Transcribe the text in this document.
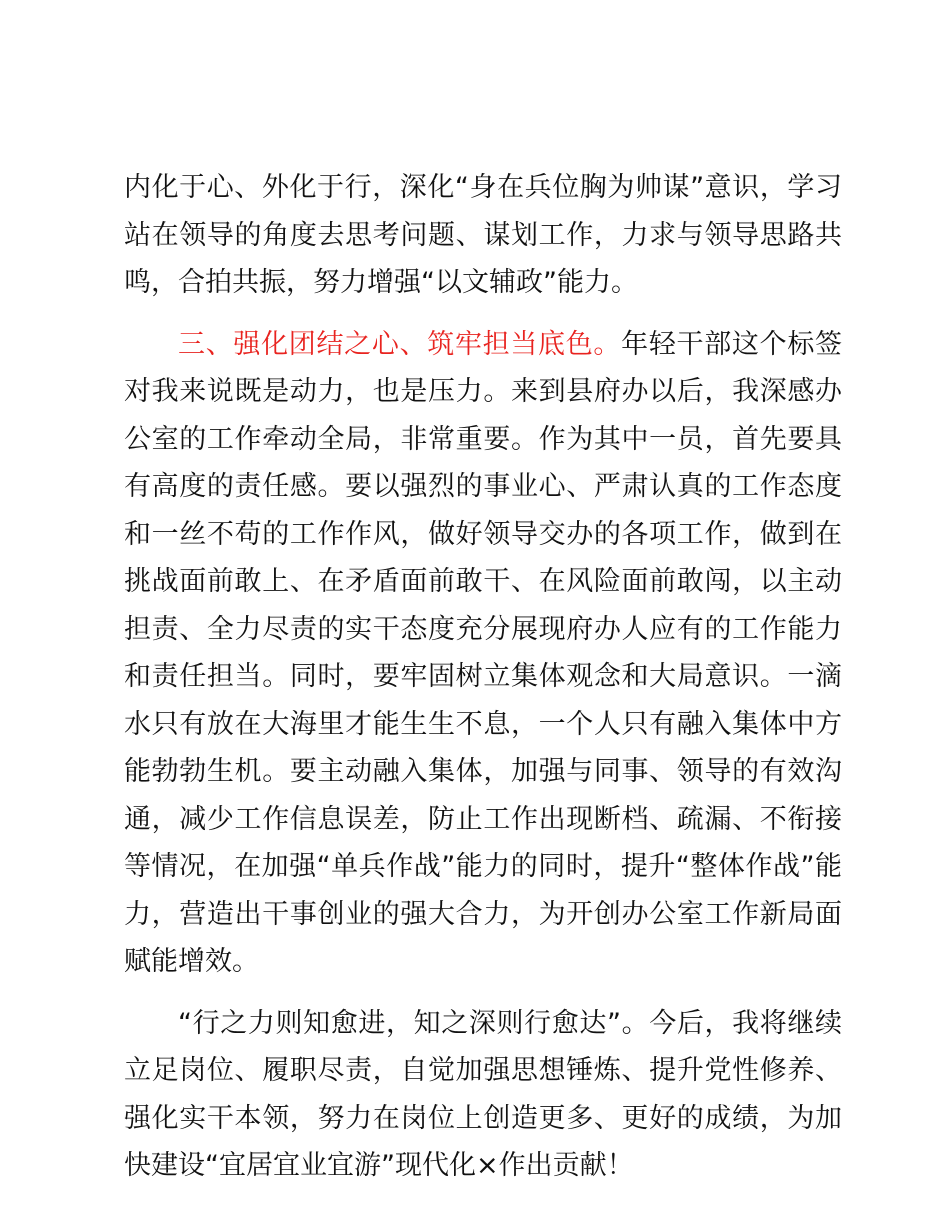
内化于心、外化于行，深化“身在兵位胸为帅谋”意识，学习站在领导的角度去思考问题、谋划工作，力求与领导思路共鸣，合拍共振，努力增强“以文辅政”能力。

三、强化团结之心、筑牢担当底色。年轻干部这个标签对我来说既是动力，也是压力。来到县府办以后，我深感办公室的工作牵动全局，非常重要。作为其中一员，首先要具有高度的责任感。要以强烈的事业心、严肃认真的工作态度和一丝不苟的工作作风，做好领导交办的各项工作，做到在挑战面前敢上、在矛盾面前敢干、在风险面前敢闯，以主动担责、全力尽责的实干态度充分展现府办人应有的工作能力和责任担当。同时，要牢固树立集体观念和大局意识。一滴水只有放在大海里才能生生不息，一个人只有融入集体中方能勃勃生机。要主动融入集体，加强与同事、领导的有效沟通，减少工作信息误差，防止工作出现断档、疏漏、不衔接等情况，在加强“单兵作战”能力的同时，提升“整体作战”能力，营造出干事创业的强大合力，为开创办公室工作新局面赋能增效。

“行之力则知愈进，知之深则行愈达”。今后，我将继续立足岗位、履职尽责，自觉加强思想锤炼、提升党性修养、强化实干本领，努力在岗位上创造更多、更好的成绩，为加快建设“宜居宜业宜游”现代化×作出贡献！
